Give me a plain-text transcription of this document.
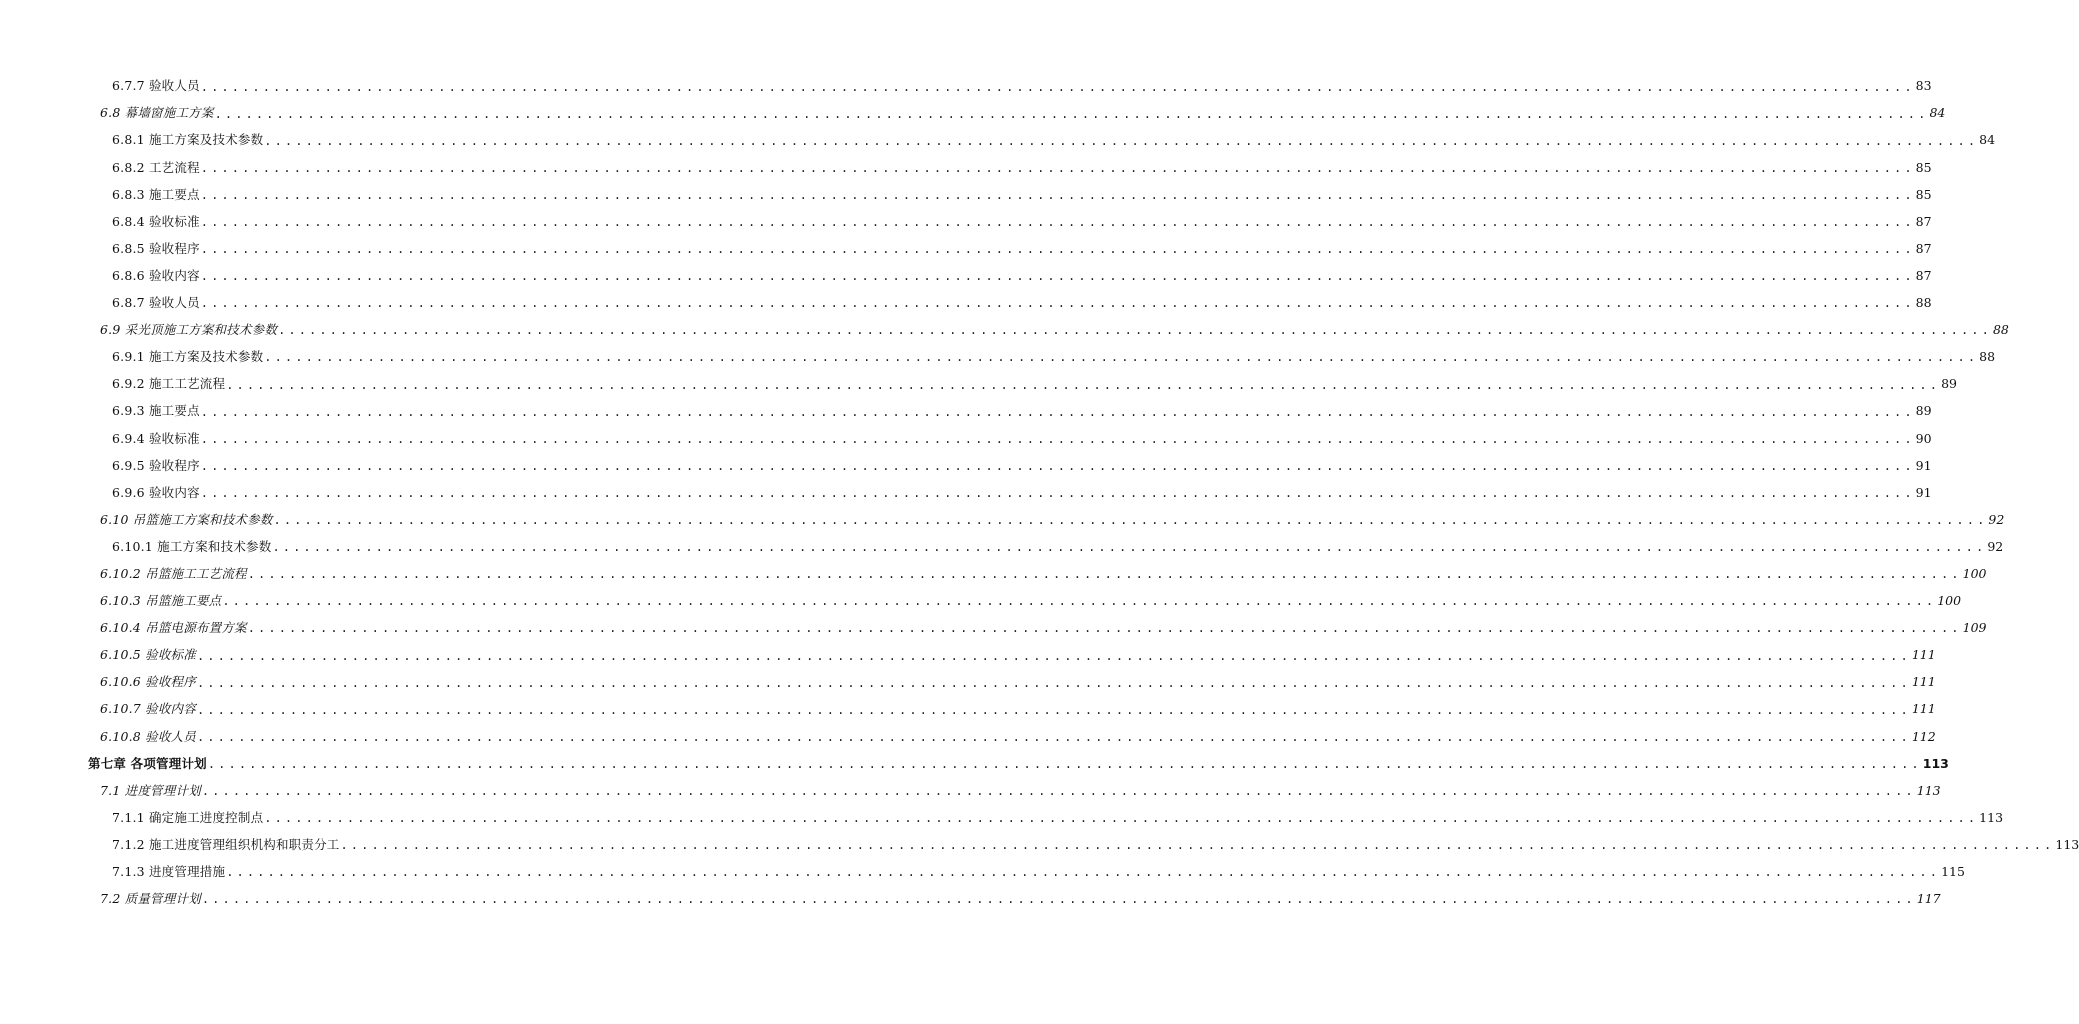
6.7.7 验收人员 ...................................................................................................................................................................... 83
6.8 幕墙窗施工方案 ...................................................................................................................................................................... 84
6.8.1 施工方案及技术参数 ...................................................................................................................................................................... 84
6.8.2 工艺流程 ...................................................................................................................................................................... 85
6.8.3 施工要点 ...................................................................................................................................................................... 85
6.8.4 验收标准 ...................................................................................................................................................................... 87
6.8.5 验收程序 ...................................................................................................................................................................... 87
6.8.6 验收内容 ...................................................................................................................................................................... 87
6.8.7 验收人员 ...................................................................................................................................................................... 88
6.9 采光顶施工方案和技术参数 ...................................................................................................................................................................... 88
6.9.1 施工方案及技术参数 ...................................................................................................................................................................... 88
6.9.2 施工工艺流程 ...................................................................................................................................................................... 89
6.9.3 施工要点 ...................................................................................................................................................................... 89
6.9.4 验收标准 ...................................................................................................................................................................... 90
6.9.5 验收程序 ...................................................................................................................................................................... 91
6.9.6 验收内容 ...................................................................................................................................................................... 91
6.10 吊篮施工方案和技术参数 ...................................................................................................................................................................... 92
6.10.1 施工方案和技术参数 ...................................................................................................................................................................... 92
6.10.2 吊篮施工工艺流程 ...................................................................................................................................................................... 100
6.10.3 吊篮施工要点 ...................................................................................................................................................................... 100
6.10.4 吊篮电源布置方案 ...................................................................................................................................................................... 109
6.10.5 验收标准 ...................................................................................................................................................................... 111
6.10.6 验收程序 ...................................................................................................................................................................... 111
6.10.7 验收内容 ...................................................................................................................................................................... 111
6.10.8 验收人员 ...................................................................................................................................................................... 112
第七章 各项管理计划 ...................................................................................................................................................................... 113
7.1 进度管理计划 ...................................................................................................................................................................... 113
7.1.1 确定施工进度控制点 ...................................................................................................................................................................... 113
7.1.2 施工进度管理组织机构和职责分工 ...................................................................................................................................................................... 113
7.1.3 进度管理措施 ...................................................................................................................................................................... 115
7.2 质量管理计划 ...................................................................................................................................................................... 117
